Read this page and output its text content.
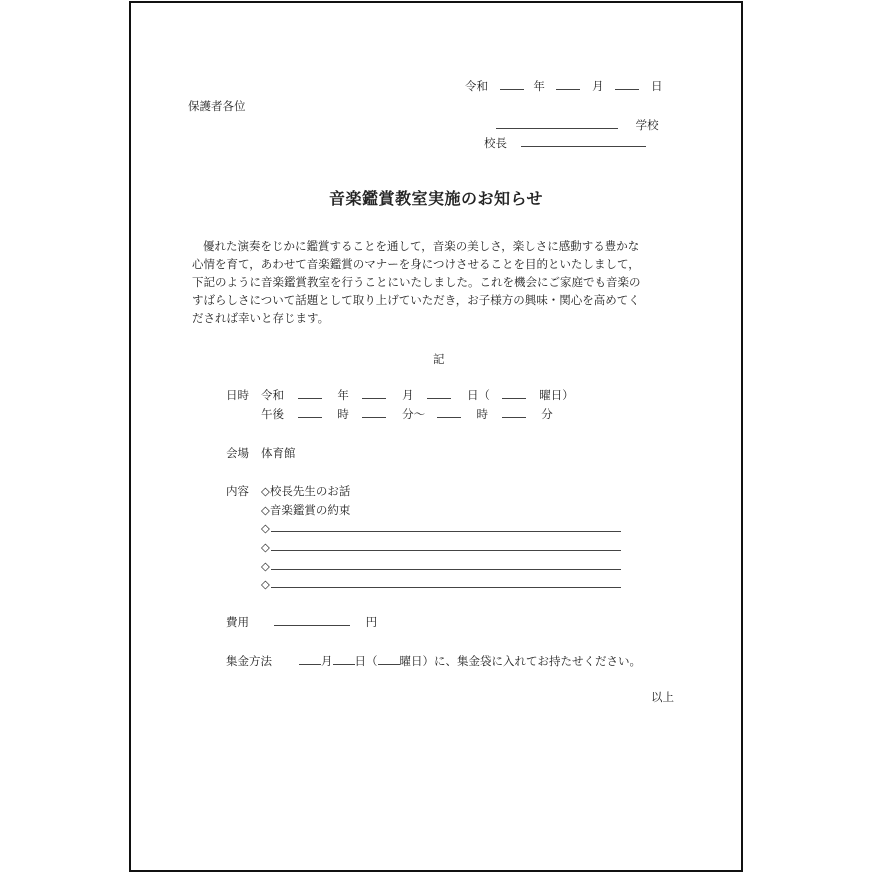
令和	年	月	日
保護者各位
学校
校長
音楽鑑賞教室実施のお知らせ

優れた演奏をじかに鑑賞することを通して，音楽の美しさ，楽しさに感動する豊かな

心情を育て，あわせて音楽鑑賞のマナーを身につけさせることを目的といたしまして，

下記のように音楽鑑賞教室を行うことにいたしました。これを機会にご家庭でも音楽の

すばらしさについて話題として取り上げていただき，お子様方の興味・関心を高めてく

だされば幸いと存じます。

記
日時 令和	年	月	日（	曜日）
午後	時	分〜	時	分
会場 体育館
内容 ◇校長先生のお話
◇音楽鑑賞の約束
◇
◇
◇
◇
費用	円
集金方法	月 日（ 曜日）に、集金袋に入れてお持たせください。
以上
